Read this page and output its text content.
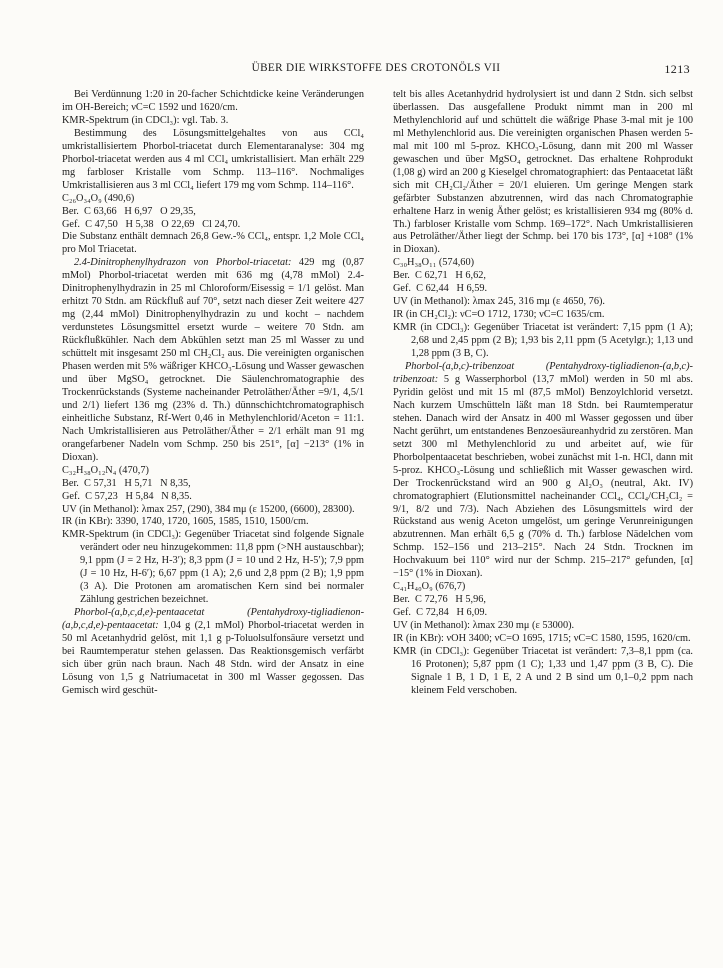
ÜBER DIE WIRKSTOFFE DES CROTONÖLS VII	1213

Bei Verdünnung 1:20 in 20-facher Schichtdicke keine Veränderungen im OH-Bereich; νC=C 1592 und 1620/cm.

KMR-Spektrum (in CDCl₃): vgl. Tab. 3.

Bestimmung des Lösungsmittelgehaltes von aus CCl₄ umkristallisiertem Phorbol-triacetat durch Elementaranalyse: 304 mg Phorbol-triacetat werden aus 4 ml CCl₄ umkristallisiert. Man erhält 229 mg farbloser Kristalle vom Schmp. 113–116°. Nochmaliges Umkristallisieren aus 3 ml CCl₄ liefert 179 mg vom Schmp. 114–116°.

C₂₆O₃₄O₉ (490,6)

Ber.  C 63,66   H 6,97   O 29,35,

Gef.  C 47,50   H 5,38   O 22,69   Cl 24,70.

Die Substanz enthält demnach 26,8 Gew.-% CCl₄, entspr. 1,2 Mole CCl₄ pro Mol Triacetat.

2.4-Dinitrophenylhydrazon von Phorbol-triacetat: 429 mg (0,87 mMol) Phorbol-triacetat werden mit 636 mg (4,78 mMol) 2.4-Dinitrophenylhydrazin in 25 ml Chloroform/Eisessig = 1/1 gelöst. Man erhitzt 70 Stdn. am Rückfluß auf 70°, setzt nach dieser Zeit weitere 427 mg (2,44 mMol) Dinitrophenylhydrazin zu und kocht – nachdem verdunstetes Lösungsmittel ersetzt wurde – weitere 70 Stdn. am Rückflußkühler. Nach dem Abkühlen setzt man 25 ml Wasser zu und schüttelt mit insgesamt 250 ml CH₂Cl₂ aus. Die vereinigten organischen Phasen werden mit 5% wäßriger KHCO₃-Lösung und Wasser gewaschen und über MgSO₄ getrocknet. Die Säulenchromatographie des Trockenrückstands (Systeme nacheinander Petroläther/Äther =9/1, 4,5/1 und 2/1) liefert 136 mg (23% d. Th.) dünnschichtchromatographisch einheitliche Substanz, Rf-Wert 0,46 in Methylenchlorid/Aceton = 11:1. Nach Umkristallisieren aus Petroläther/Äther = 2/1 erhält man 91 mg orangefarbener Nadeln vom Schmp. 250 bis 251°, [α] −213° (1% in Dioxan).

C₃₂H₃₈O₁₂N₄ (470,7)

Ber.  C 57,31   H 5,71   N 8,35,

Gef.  C 57,23   H 5,84   N 8,35.

UV (in Methanol): λmax 257, (290), 384 mμ (ε 15200, (6600), 28300).

IR (in KBr): 3390, 1740, 1720, 1605, 1585, 1510, 1500/cm.

KMR-Spektrum (in CDCl₃): Gegenüber Triacetat sind folgende Signale verändert oder neu hinzugekommen: 11,8 ppm (>NH austauschbar); 9,1 ppm (J = 2 Hz, H-3′); 8,3 ppm (J = 10 und 2 Hz, H-5′); 7,9 ppm (J = 10 Hz, H-6′); 6,67 ppm (1 A); 2,6 und 2,8 ppm (2 B); 1,9 ppm (3 A). Die Protonen am aromatischen Kern sind bei normaler Zählung gestrichen bezeichnet.

Phorbol-(a,b,c,d,e)-pentaacetat (Pentahydroxy-tigliadienon-(a,b,c,d,e)-pentaacetat: 1,04 g (2,1 mMol) Phorbol-triacetat werden in 50 ml Acetanhydrid gelöst, mit 1,1 g p-Toluolsulfonsäure versetzt und bei Raumtemperatur stehen gelassen. Das Reaktionsgemisch verfärbt sich über grün nach braun. Nach 48 Stdn. wird der Ansatz in eine Lösung von 1,5 g Natriumacetat in 300 ml Wasser gegossen. Das Gemisch wird geschüt-

telt bis alles Acetanhydrid hydrolysiert ist und dann 2 Stdn. sich selbst überlassen. Das ausgefallene Produkt nimmt man in 200 ml Methylenchlorid auf und schüttelt die wäßrige Phase 3-mal mit je 100 ml Methylenchlorid aus. Die vereinigten organischen Phasen werden 5-mal mit 100 ml 5-proz. KHCO₃-Lösung, dann mit 200 ml Wasser gewaschen und über MgSO₄ getrocknet. Das erhaltene Rohprodukt (1,08 g) wird an 200 g Kieselgel chromatographiert: das Pentaacetat läßt sich mit CH₂Cl₂/Äther = 20/1 eluieren. Um geringe Mengen stark gefärbter Substanzen abzutrennen, wird das nach Chromatographie erhaltene Harz in wenig Äther gelöst; es kristallisieren 934 mg (80% d. Th.) farbloser Kristalle vom Schmp. 169–172°. Nach Umkristallisieren aus Petroläther/Äther liegt der Schmp. bei 170 bis 173°, [α] +108° (1% in Dioxan).

C₃₀H₃₈O₁₁ (574,60)

Ber.  C 62,71   H 6,62,

Gef.  C 62,44   H 6,59.

UV (in Methanol): λmax 245, 316 mμ (ε 4650, 76).

IR (in CH₂Cl₂): νC=O 1712, 1730; νC=C 1635/cm.

KMR (in CDCl₃): Gegenüber Triacetat ist verändert: 7,15 ppm (1 A); 2,68 und 2,45 ppm (2 B); 1,93 bis 2,11 ppm (5 Acetylgr.); 1,13 und 1,28 ppm (3 B, C).

Phorbol-(a,b,c)-tribenzoat (Pentahydroxy-tigliadienon-(a,b,c)-tribenzoat: 5 g Wasserphorbol (13,7 mMol) werden in 50 ml abs. Pyridin gelöst und mit 15 ml (87,5 mMol) Benzoylchlorid versetzt. Nach kurzem Umschütteln läßt man 18 Stdn. bei Raumtemperatur stehen. Danach wird der Ansatz in 400 ml Wasser gegossen und über Nacht gerührt, um entstandenes Benzoesäureanhydrid zu zerstören. Man setzt 300 ml Methylenchlorid zu und arbeitet auf, wie für Phorbolpentaacetat beschrieben, wobei zunächst mit 1-n. HCl, dann mit 5-proz. KHCO₃-Lösung und schließlich mit Wasser gewaschen wird. Der Trockenrückstand wird an 900 g Al₂O₃ (neutral, Akt. IV) chromatographiert (Elutionsmittel nacheinander CCl₄, CCl₄/CH₂Cl₂ = 9/1, 8/2 und 7/3). Nach Abziehen des Lösungsmittels wird der Rückstand aus wenig Aceton umgelöst, um geringe Verunreinigungen abzutrennen. Man erhält 6,5 g (70% d. Th.) farblose Nädelchen vom Schmp. 152–156 und 213–215°. Nach 24 Stdn. Trocknen im Hochvakuum bei 110° wird nur der Schmp. 215–217° gefunden, [α] −15° (1% in Dioxan).

C₄₁H₄₀O₉ (676,7)

Ber.  C 72,76   H 5,96,

Gef.  C 72,84   H 6,09.

UV (in Methanol): λmax 230 mμ (ε 53000).

IR (in KBr): νOH 3400; νC=O 1695, 1715; νC=C 1580, 1595, 1620/cm.

KMR (in CDCl₃): Gegenüber Triacetat ist verändert: 7,3–8,1 ppm (ca. 16 Protonen); 5,87 ppm (1 C); 1,33 und 1,47 ppm (3 B, C). Die Signale 1 B, 1 D, 1 E, 2 A und 2 B sind um 0,1–0,2 ppm nach kleinem Feld verschoben.
